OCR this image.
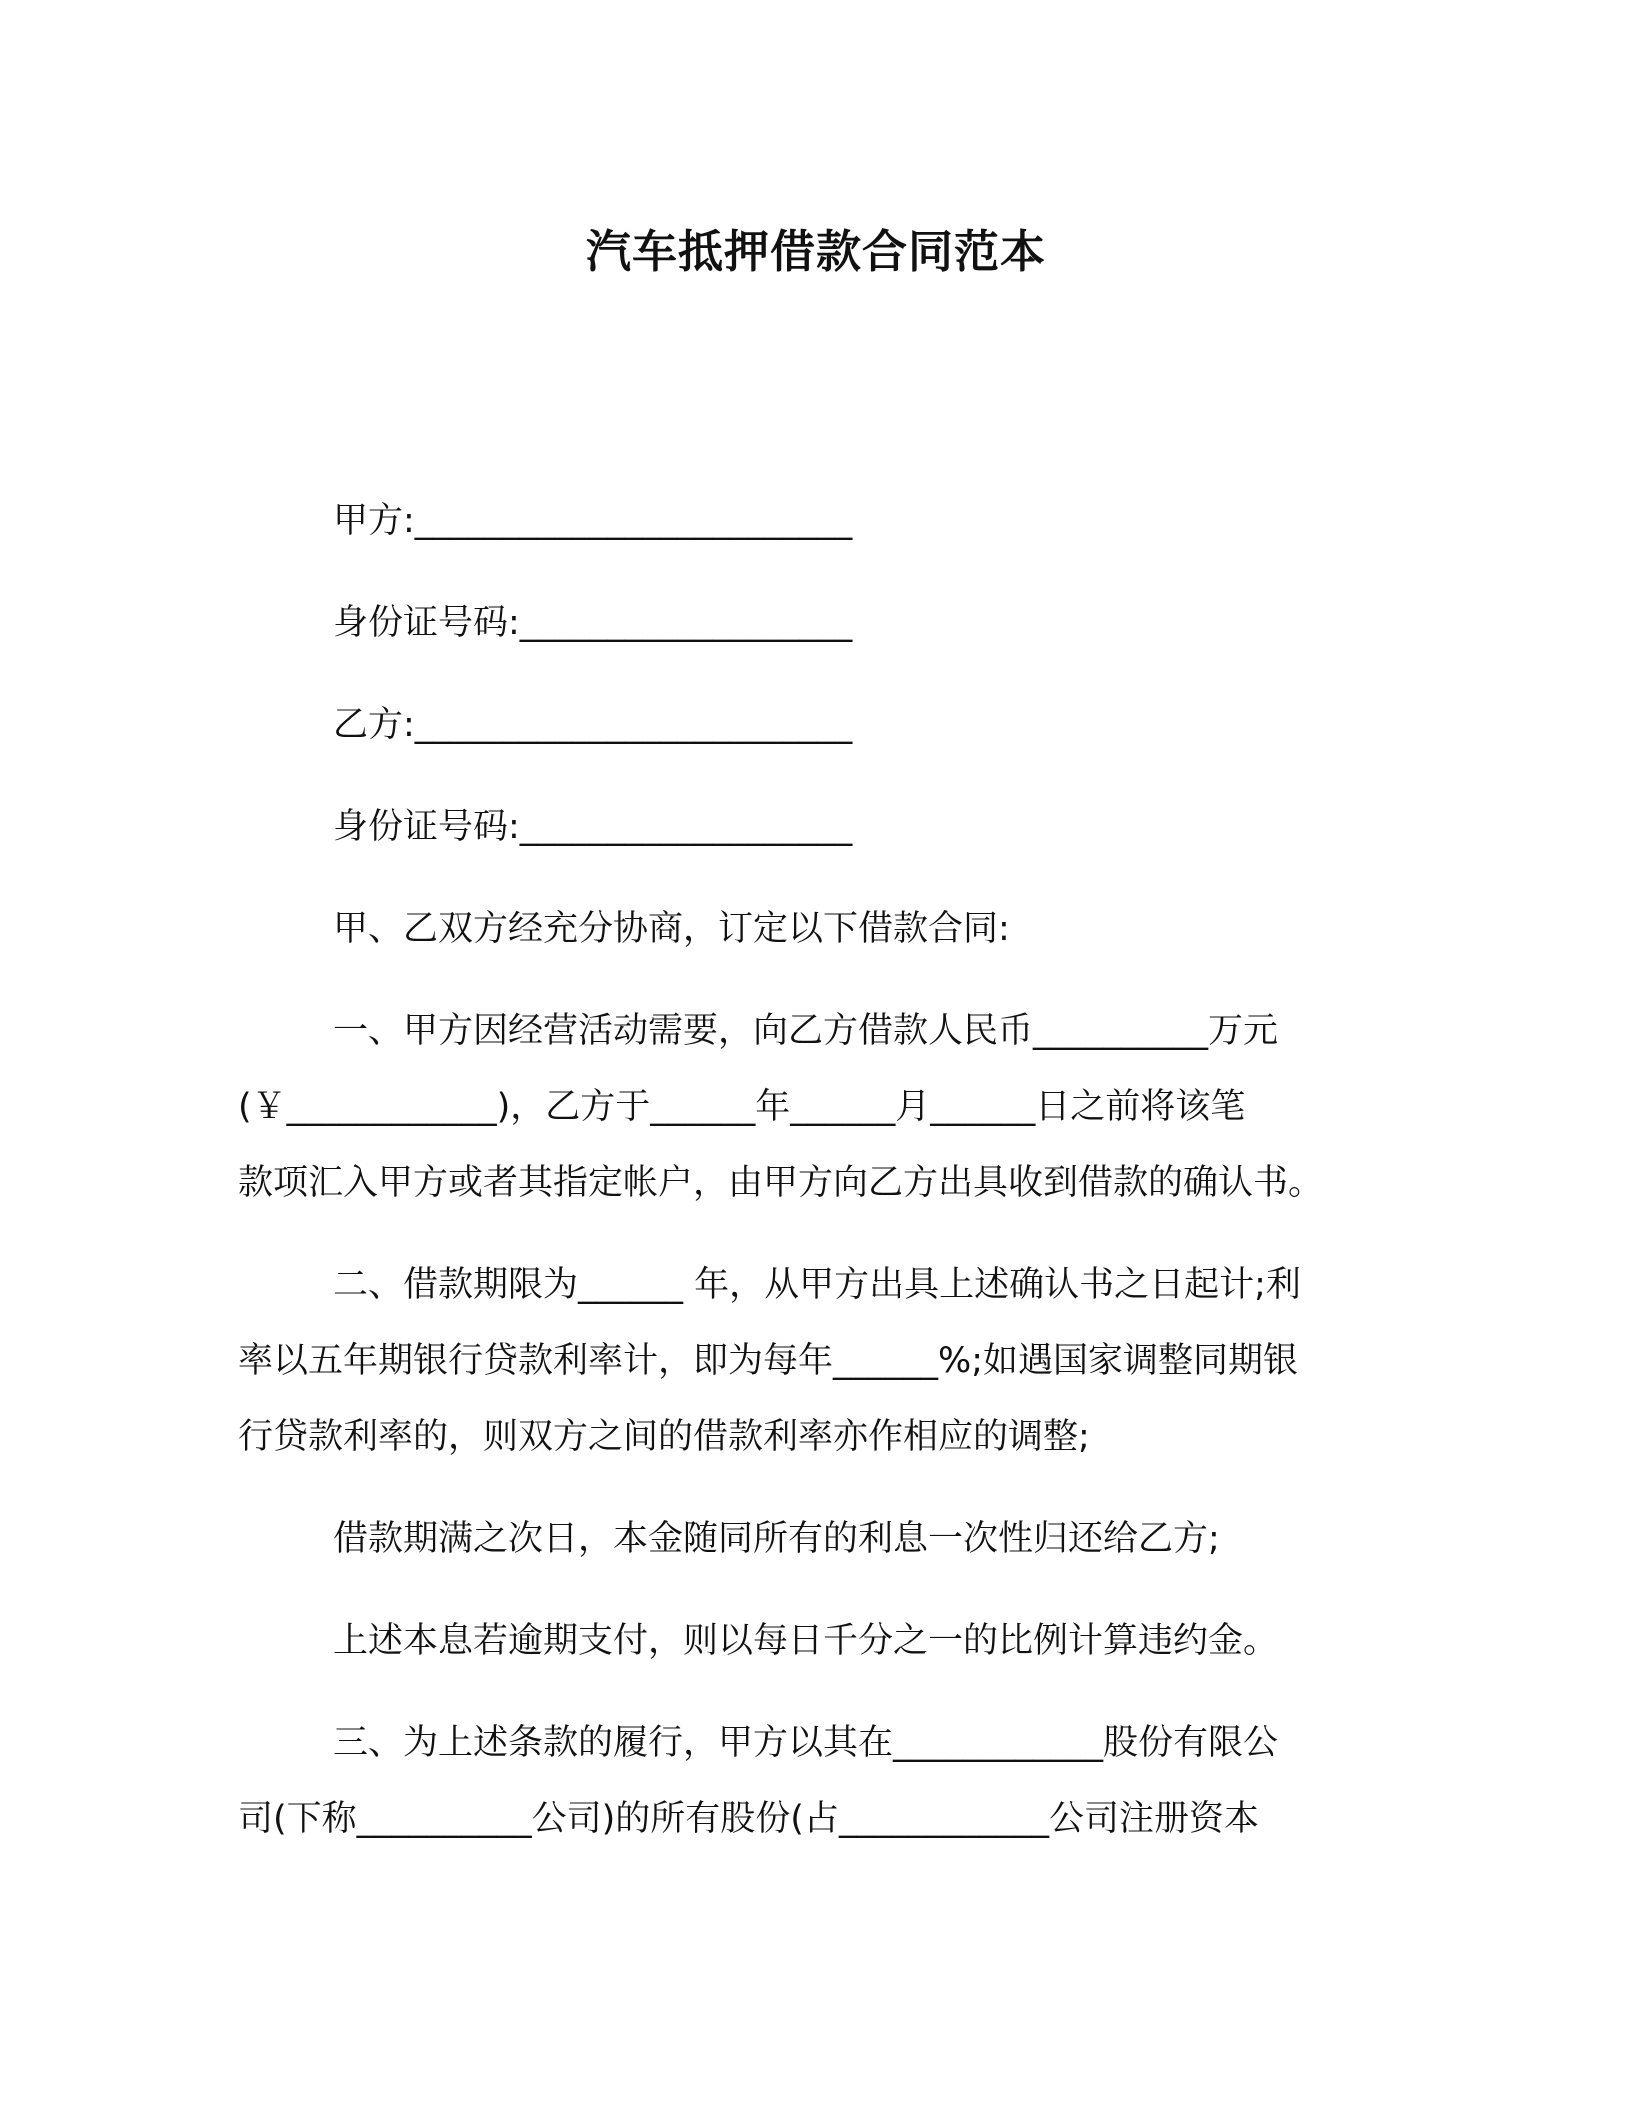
汽车抵押借款合同范本
甲方:_________________________
身份证号码:___________________
乙方:_________________________
身份证号码:___________________
甲、乙双方经充分协商，订定以下借款合同:
一、甲方因经营活动需要，向乙方借款人民币__________万元
(￥____________)，乙方于______年______月______日之前将该笔
款项汇入甲方或者其指定帐户，由甲方向乙方出具收到借款的确认书。
二、借款期限为______ 年，从甲方出具上述确认书之日起计;利
率以五年期银行贷款利率计，即为每年______%;如遇国家调整同期银
行贷款利率的，则双方之间的借款利率亦作相应的调整;
借款期满之次日，本金随同所有的利息一次性归还给乙方;
上述本息若逾期支付，则以每日千分之一的比例计算违约金。
三、为上述条款的履行，甲方以其在____________股份有限公
司(下称__________公司)的所有股份(占____________公司注册资本
